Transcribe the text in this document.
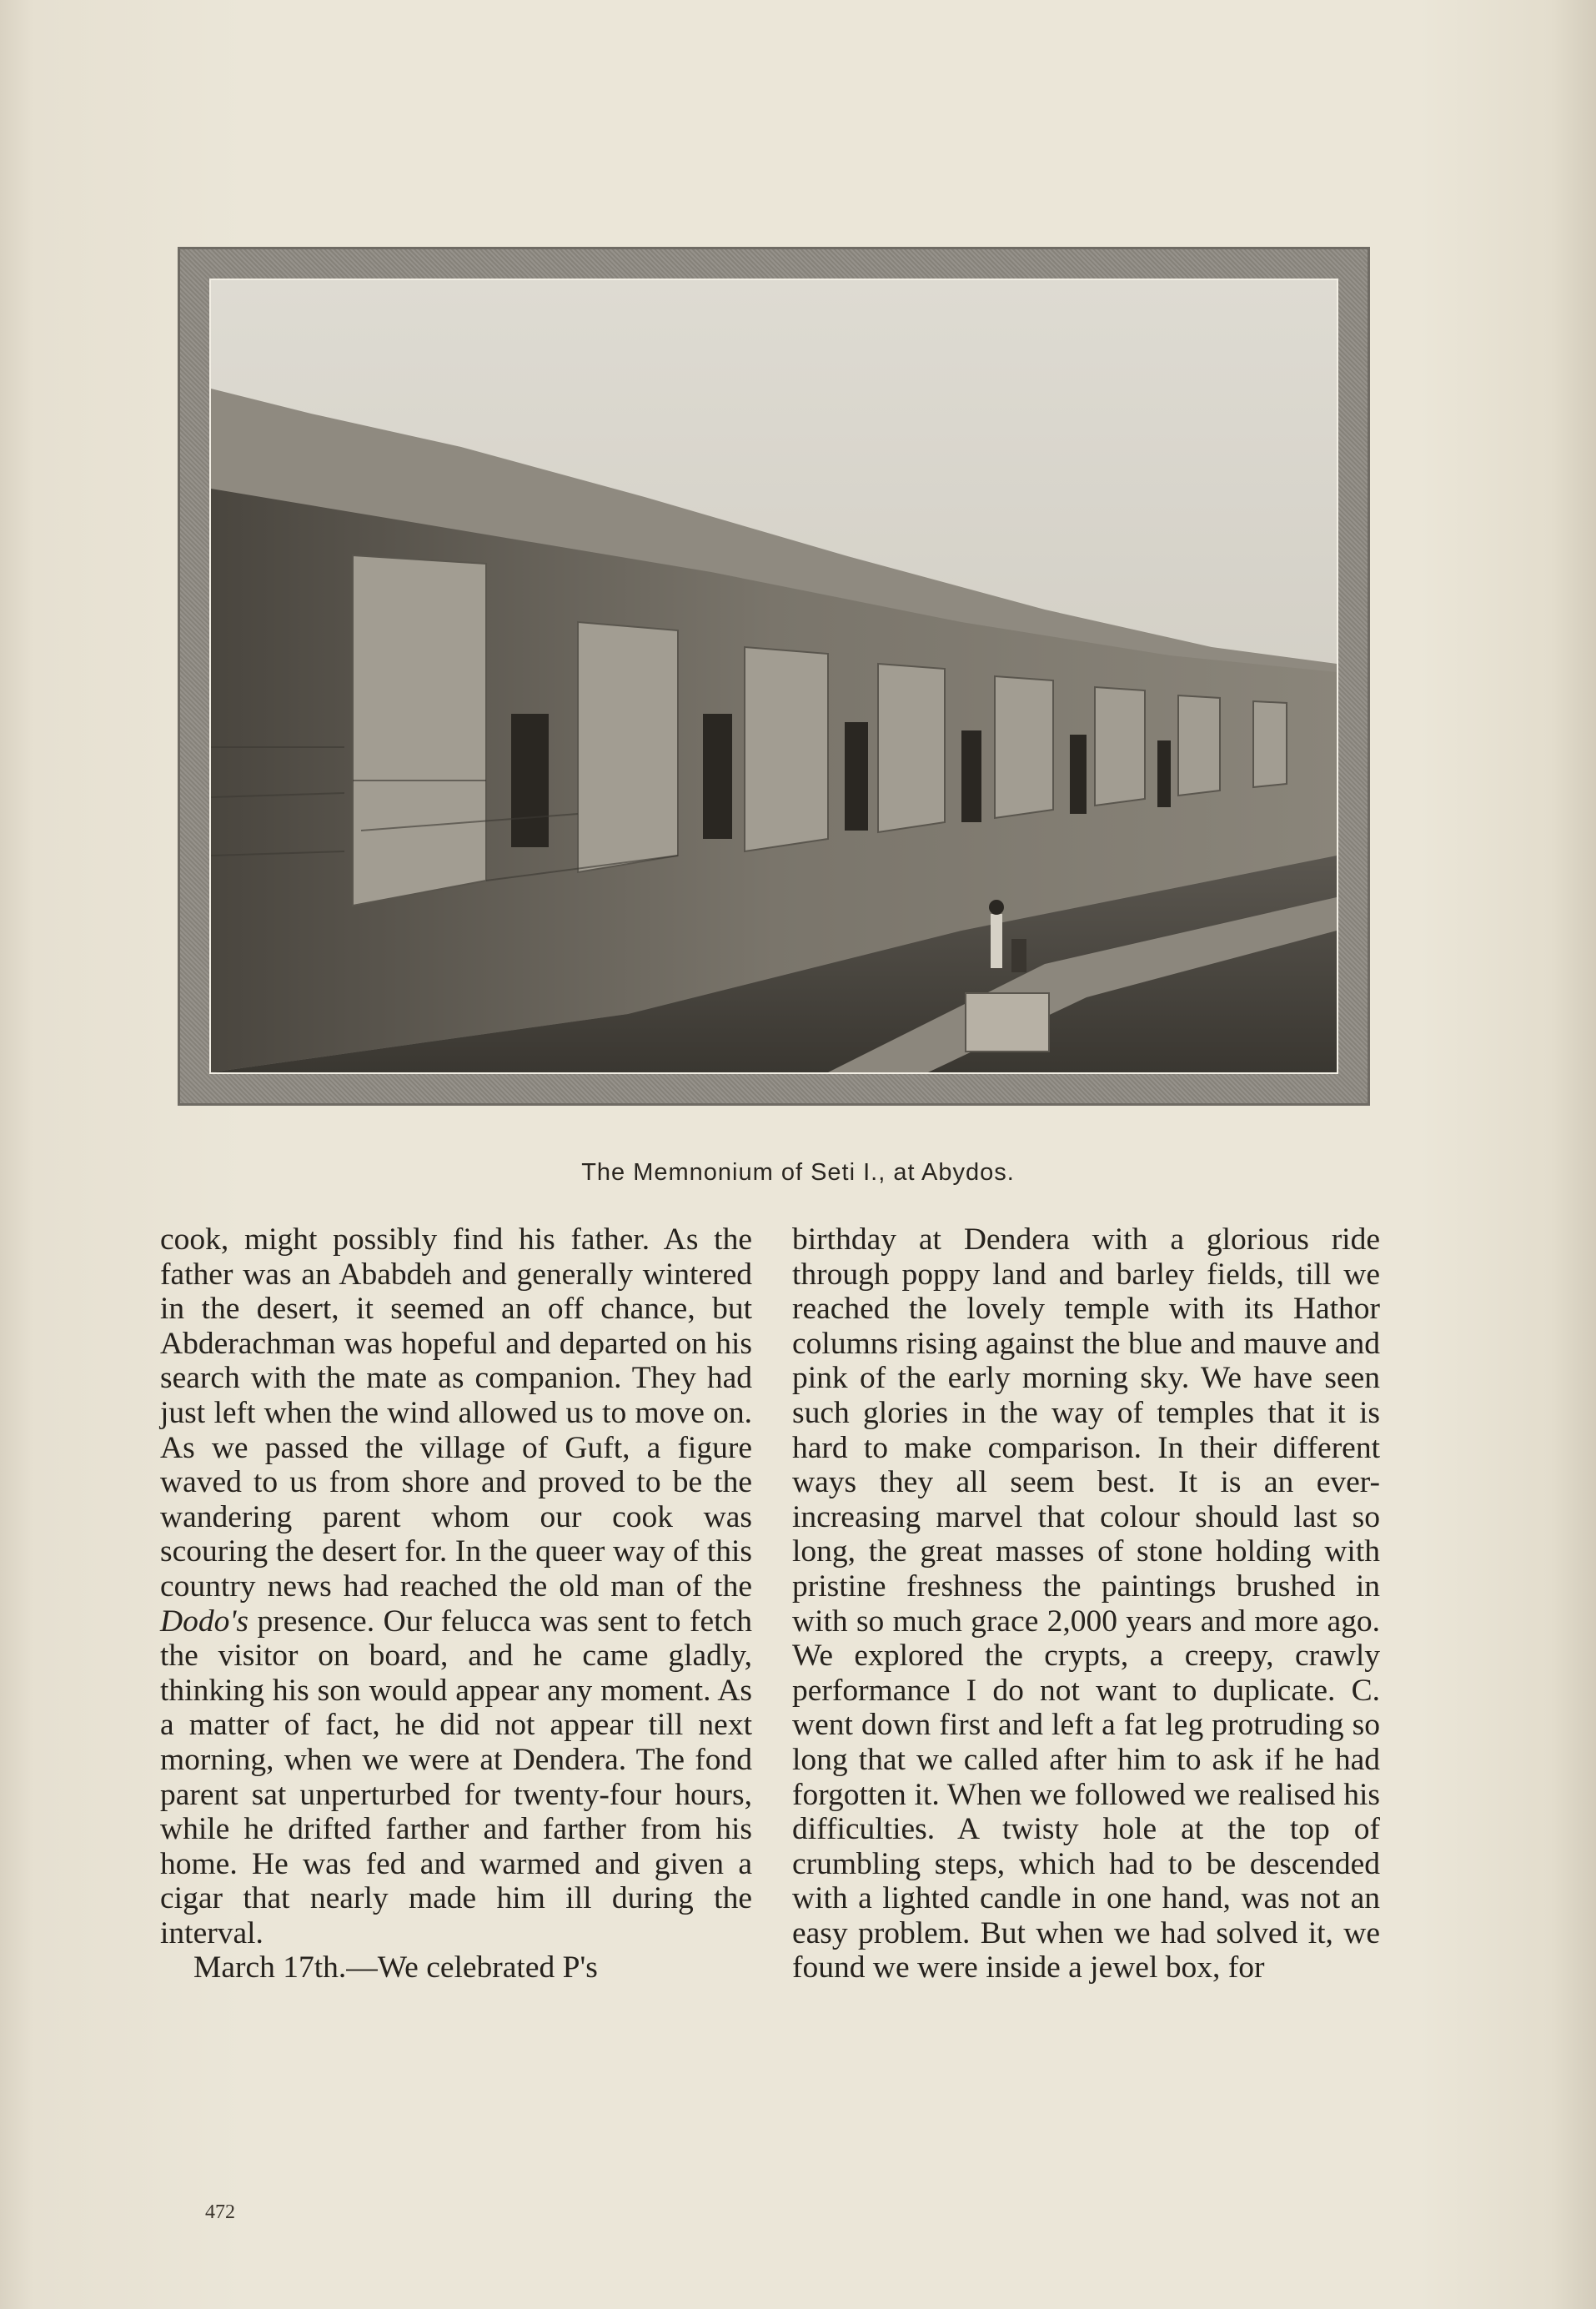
The Memnonium of Seti I., at Abydos.

cook, might possibly find his father. As the father was an Ababdeh and generally wintered in the desert, it seemed an off chance, but Abderachman was hopeful and departed on his search with the mate as companion. They had just left when the wind allowed us to move on. As we passed the village of Guft, a figure waved to us from shore and proved to be the wandering parent whom our cook was scouring the desert for. In the queer way of this country news had reached the old man of the Dodo's presence. Our felucca was sent to fetch the visitor on board, and he came gladly, thinking his son would appear any moment. As a matter of fact, he did not appear till next morning, when we were at Dendera. The fond parent sat unperturbed for twenty-four hours, while he drifted farther and farther from his home. He was fed and warmed and given a cigar that nearly made him ill during the interval.

March 17th.—We celebrated P's

birthday at Dendera with a glorious ride through poppy land and barley fields, till we reached the lovely temple with its Hathor columns rising against the blue and mauve and pink of the early morning sky. We have seen such glories in the way of temples that it is hard to make comparison. In their different ways they all seem best. It is an ever-increasing marvel that colour should last so long, the great masses of stone holding with pristine freshness the paintings brushed in with so much grace 2,000 years and more ago. We explored the crypts, a creepy, crawly performance I do not want to duplicate. C. went down first and left a fat leg protruding so long that we called after him to ask if he had forgotten it. When we followed we realised his difficulties. A twisty hole at the top of crumbling steps, which had to be descended with a lighted candle in one hand, was not an easy problem. But when we had solved it, we found we were inside a jewel box, for

472
